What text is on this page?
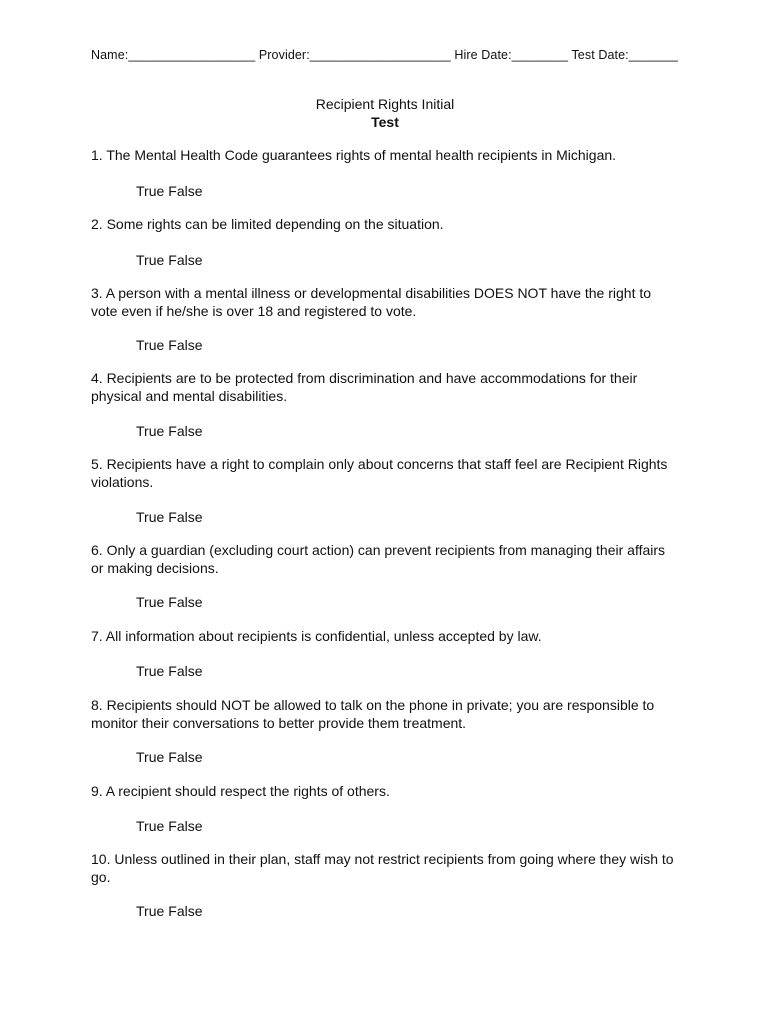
Name:__________________ Provider:____________________ Hire Date:________ Test Date:_______
Recipient Rights Initial
Test
1. The Mental Health Code guarantees rights of mental health recipients in Michigan.
True False
2. Some rights can be limited depending on the situation.
True False
3. A person with a mental illness or developmental disabilities DOES NOT have the right to vote even if he/she is over 18 and registered to vote.
True False
4. Recipients are to be protected from discrimination and have accommodations for their physical and mental disabilities.
True False
5. Recipients have a right to complain only about concerns that staff feel are Recipient Rights violations.
True False
6. Only a guardian (excluding court action) can prevent recipients from managing their affairs or making decisions.
True False
7. All information about recipients is confidential, unless accepted by law.
True False
8. Recipients should NOT be allowed to talk on the phone in private; you are responsible to monitor their conversations to better provide them treatment.
True False
9. A recipient should respect the rights of others.
True False
10. Unless outlined in their plan, staff may not restrict recipients from going where they wish to go.
True False
